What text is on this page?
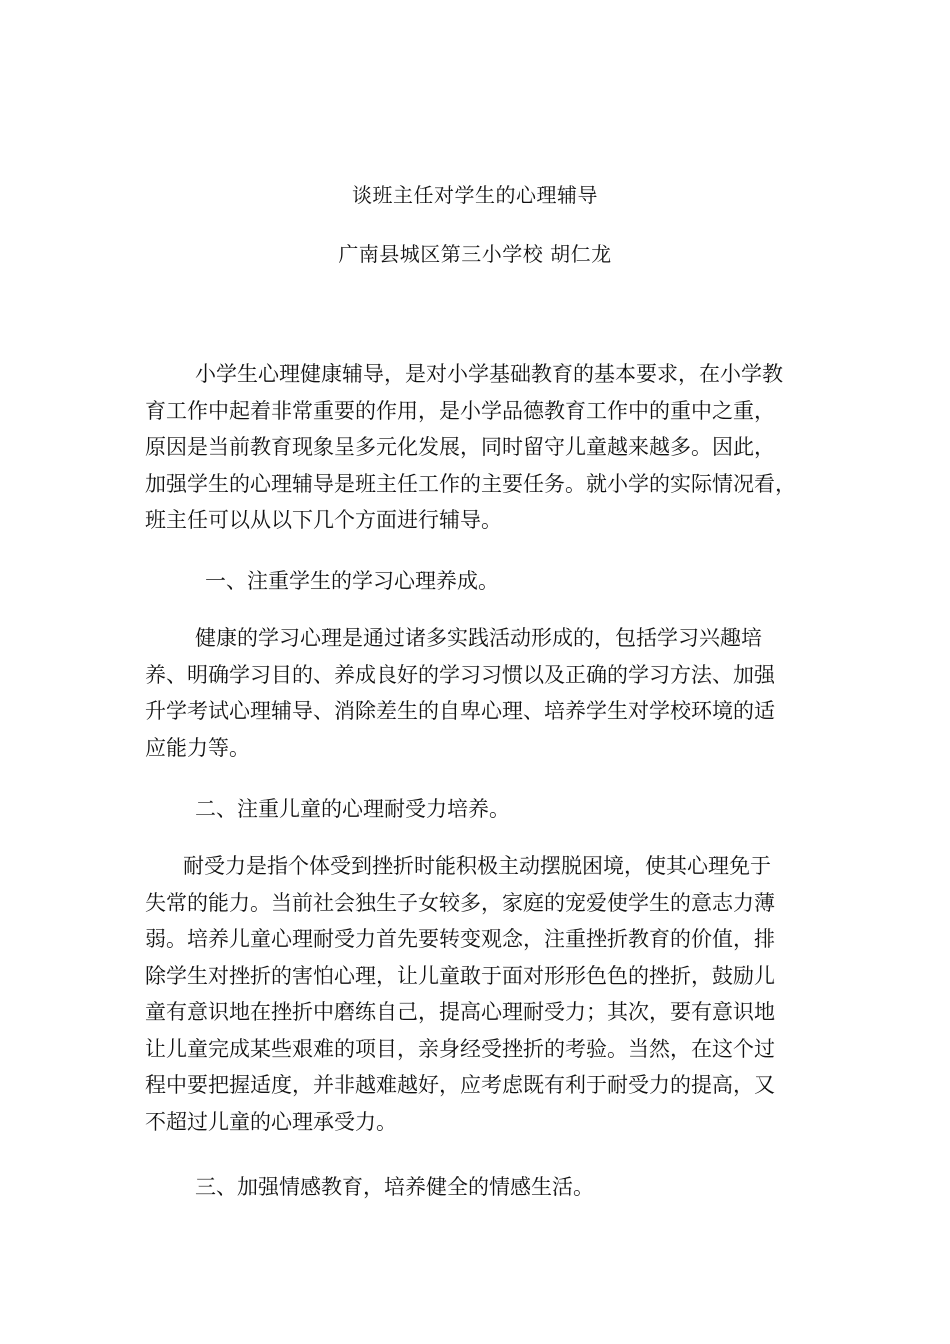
谈班主任对学生的心理辅导
广南县城区第三小学校 胡仁龙
小学生心理健康辅导，是对小学基础教育的基本要求，在小学教
育工作中起着非常重要的作用，是小学品德教育工作中的重中之重，
原因是当前教育现象呈多元化发展，同时留守儿童越来越多。因此，
加强学生的心理辅导是班主任工作的主要任务。就小学的实际情况看，
班主任可以从以下几个方面进行辅导。
一、注重学生的学习心理养成。
健康的学习心理是通过诸多实践活动形成的，包括学习兴趣培
养、明确学习目的、养成良好的学习习惯以及正确的学习方法、加强
升学考试心理辅导、消除差生的自卑心理、培养学生对学校环境的适
应能力等。
二、注重儿童的心理耐受力培养。
耐受力是指个体受到挫折时能积极主动摆脱困境，使其心理免于
失常的能力。当前社会独生子女较多，家庭的宠爱使学生的意志力薄
弱。培养儿童心理耐受力首先要转变观念，注重挫折教育的价值，排
除学生对挫折的害怕心理，让儿童敢于面对形形色色的挫折，鼓励儿
童有意识地在挫折中磨练自己，提高心理耐受力；其次，要有意识地
让儿童完成某些艰难的项目，亲身经受挫折的考验。当然，在这个过
程中要把握适度，并非越难越好，应考虑既有利于耐受力的提高，又
不超过儿童的心理承受力。
三、加强情感教育，培养健全的情感生活。
